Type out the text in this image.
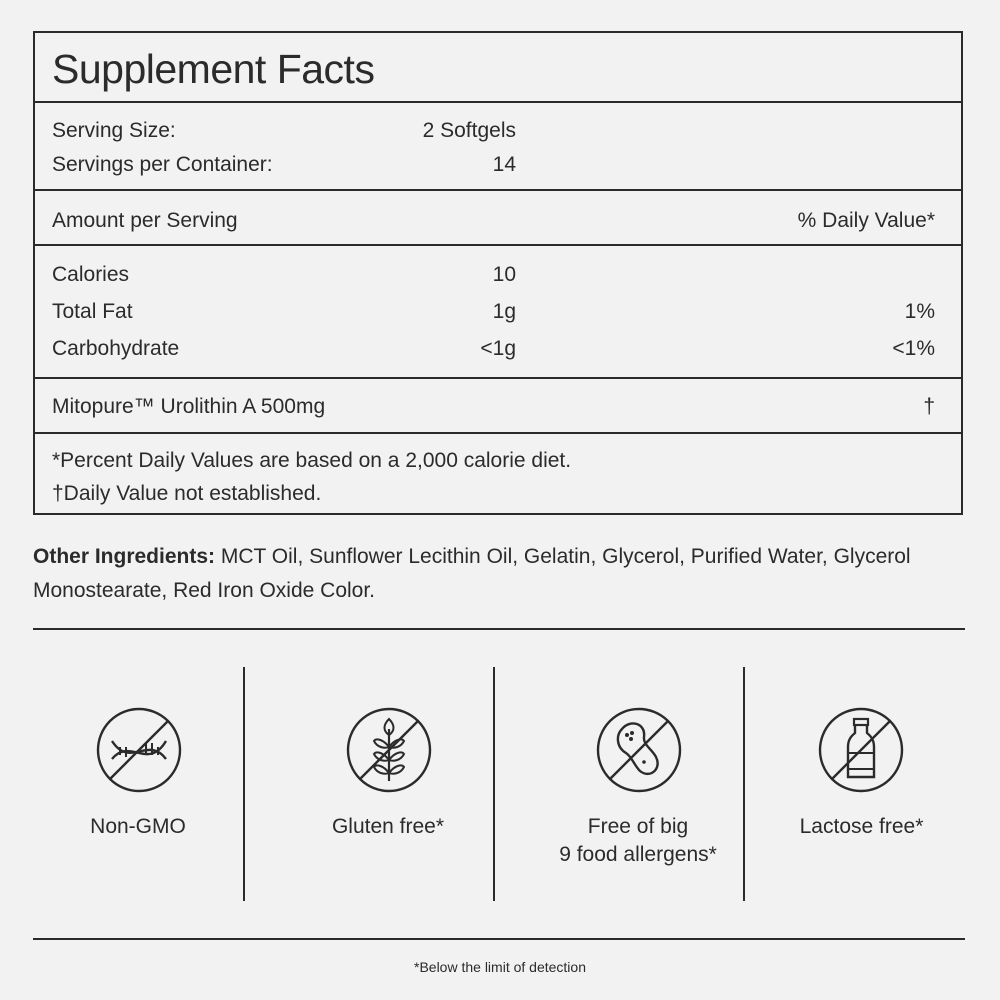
Supplement Facts
Serving Size:	2 Softgels
Servings per Container:	14
Amount per Serving	% Daily Value*
Calories	10
Total Fat	1g	1%
Carbohydrate	<1g	<1%
Mitopure™ Urolithin A 500mg	†
*Percent Daily Values are based on a 2,000 calorie diet.
†Daily Value not established.
Other Ingredients: MCT Oil, Sunflower Lecithin Oil, Gelatin, Glycerol, Purified Water, Glycerol Monostearate, Red Iron Oxide Color.
Non-GMO	Gluten free*	Free of big
9 food allergens*
Lactose free*
*Below the limit of detection
